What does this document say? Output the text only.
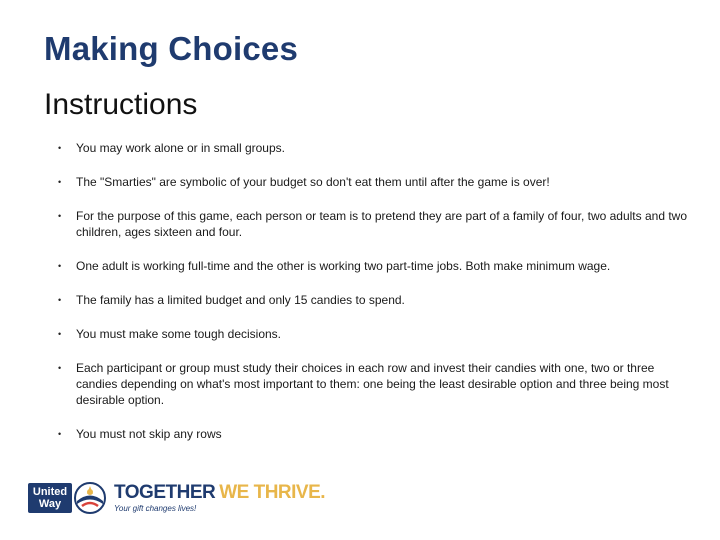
Making Choices
Instructions
•	You may work alone or in small groups.
•	The "Smarties" are symbolic of your budget so don't eat them until after the game is over!
•	For the purpose of this game, each person or team is to pretend they are part of a family of four, two adults and two children, ages sixteen and four.
•	One adult is working full-time and the other is working two part-time jobs. Both make minimum wage.
•	The family has a limited budget and only 15 candies to spend.
•	You must make some tough decisions.
•	Each participant or group must study their choices in each row and invest their candies with one, two or three candies depending on what's most important to them: one being the least desirable option and three being most desirable option.
•	You must not skip any rows
United Way
TOGETHER WE THRIVE.
Your gift changes lives!
